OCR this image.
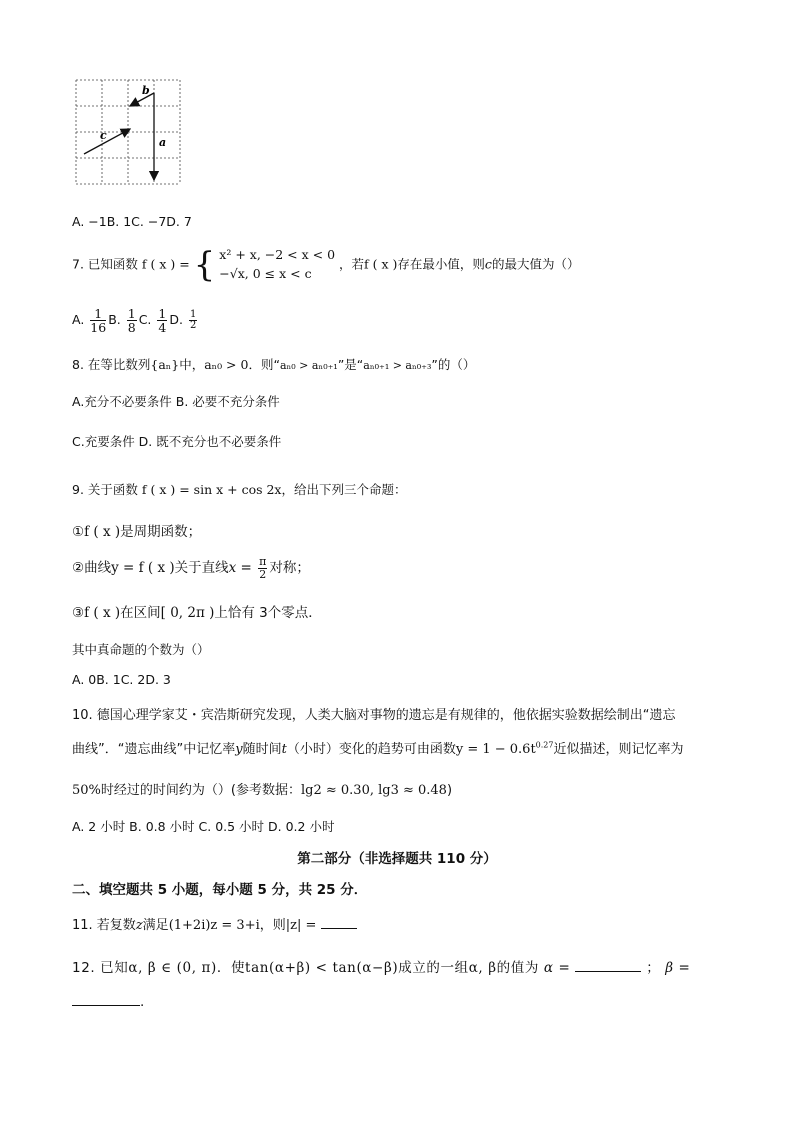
a
b
c
A. −1B. 1C. −7D. 7
7. 已知函数 f ( x ) = { x² + x, −2 < x < 0
−√x, 0 ≤ x < c
，若f ( x )存在最小值，则c的最大值为（）
A. $\frac{1}{16} B$. $\frac{1}{8} C$. $\frac{1}{4} D$. $\frac{1}{2}$
8. 在等比数列{aₙ}中，aₙ₀ > 0．则“aₙ₀ > aₙ₀₊₁”是“aₙ₀₊₁ > aₙ₀₊₃”的（）
A.充分不必要条件 B. 必要不充分条件
C.充要条件 D. 既不充分也不必要条件
9. 关于函数 f ( x ) = sin x + cos 2x，给出下列三个命题：
①f ( x )是周期函数；
②曲线y = f ( x )关于直线$x = \frac{\pi}{2}$ 对称；
③f ( x )在区间[ 0, 2π )上恰有 3个零点．
其中真命题的个数为（）
A. 0B. 1C. 2D. 3
10. 德国心理学家艾・宾浩斯研究发现，人类大脑对事物的遗忘是有规律的，他依据实验数据绘制出“遗忘
曲线”．“遗忘曲线”中记忆率y随时间t（小时）变化的趋势可由函数$y = 1 - 0.6t^{0.27}$近似描述，则记忆率为
50%时经过的时间约为（）(参考数据：lg2 ≈ 0.30, lg3 ≈ 0.48)
A. 2 小时 B. 0.8 小时 C. 0.5 小时 D. 0.2 小时
第二部分（非选择题共 110 分）
二、填空题共 5 小题，每小题 5 分，共 25 分．
11. 若复数z满足(1+2i)z = 3+i，则|z| =
12. 已知α, β ∈ (0, π)．使tan(α+β) < tan(α−β)成立的一组α, β的值为 α =	； β =
.
